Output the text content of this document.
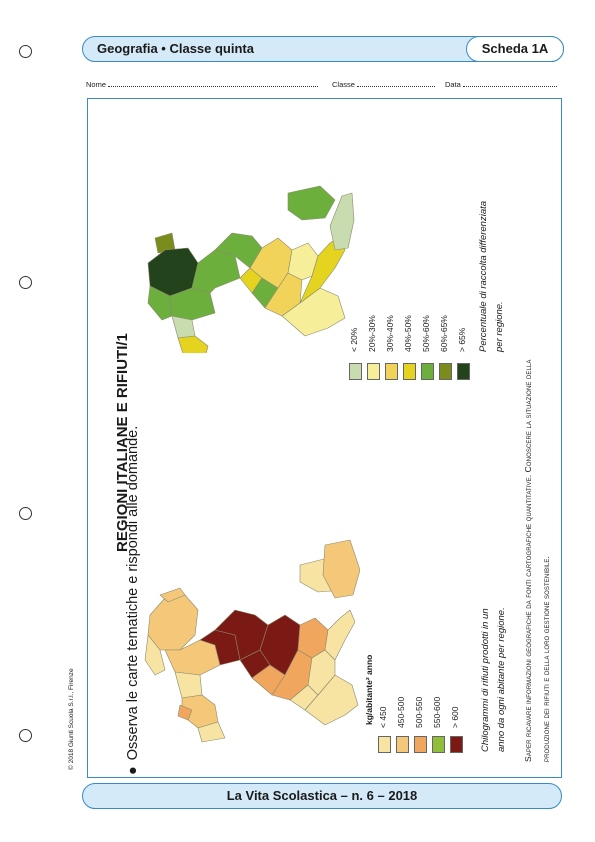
Geografia • Classe quinta	Scheda 1A
Nome	Classe	Data
REGIONI ITALIANE E RIFIUTI/1
●Osserva le carte tematiche e rispondi alle domande.	kg/abitante² anno < 450 450-500 500-550 550-600 > 600 Chilogrammi di rifiuti prodotti in un anno da ogni abitante per regione.
< 20% 20%-30% 30%-40% 40%-50% 50%-60% 60%-65% > 65% Percentuale di raccolta differenziata per regione.
Saper ricavare informazioni geografiche da fonti cartografiche quantitative. Conoscere la situazione della produzione dei rifiuti e della loro gestione sostenibile.
© 2018 Giunti Scuola S.r.l., Firenze
La Vita Scolastica – n. 6 – 2018
